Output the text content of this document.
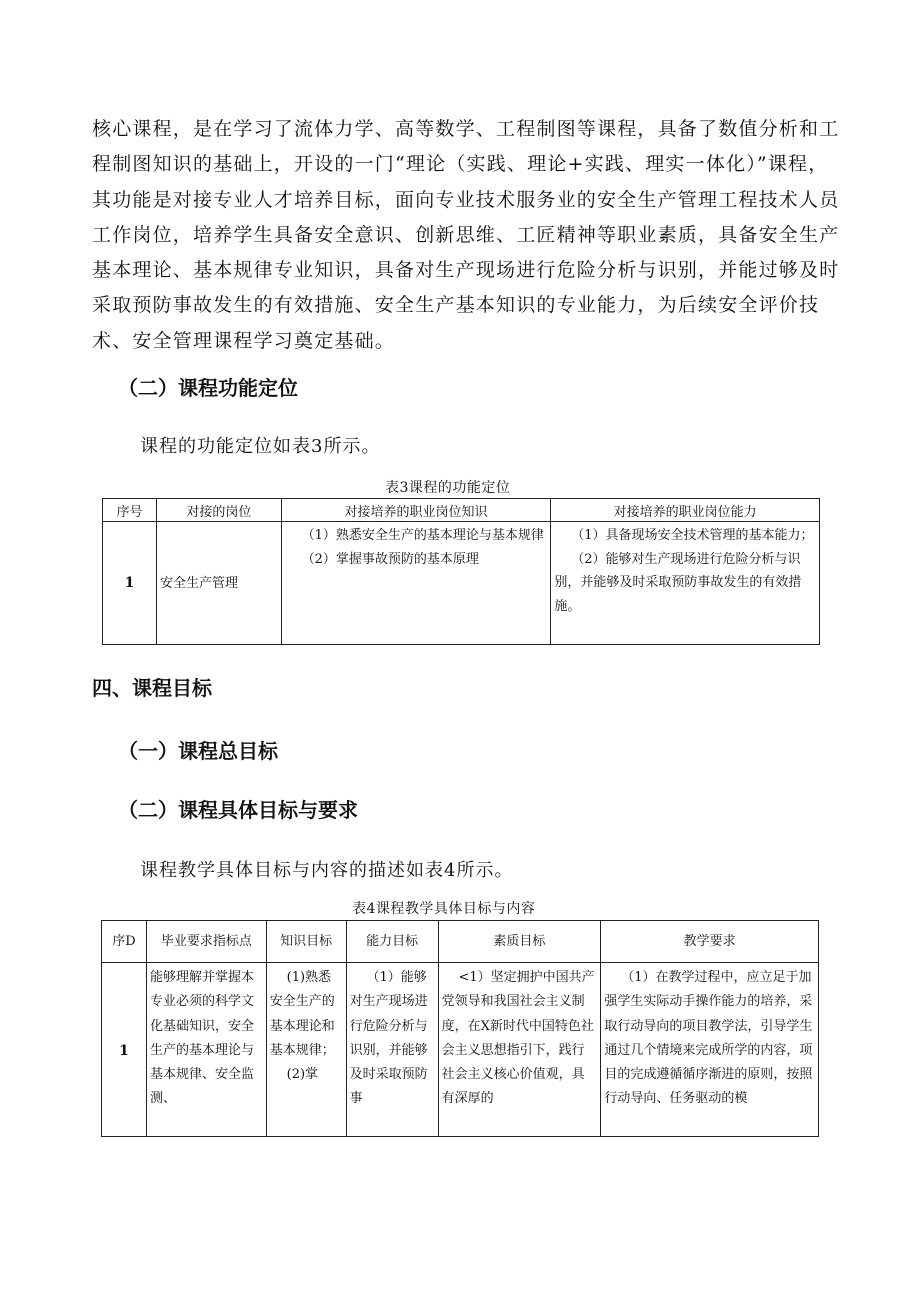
核心课程，是在学习了流体力学、高等数学、工程制图等课程，具备了数值分析和工程制图知识的基础上，开设的一门“理论（实践、理论+实践、理实一体化）”课程，其功能是对接专业人才培养目标，面向专业技术服务业的安全生产管理工程技术人员工作岗位，培养学生具备安全意识、创新思维、工匠精神等职业素质，具备安全生产基本理论、基本规律专业知识，具备对生产现场进行危险分析与识别，并能过够及时采取预防事故发生的有效措施、安全生产基本知识的专业能力，为后续安全评价技术、安全管理课程学习奠定基础。

（二）课程功能定位

课程的功能定位如表3所示。

表3课程的功能定位

序号	对接的岗位	对接培养的职业岗位知识	对接培养的职业岗位能力
1	安全生产管理	（1）熟悉安全生产的基本理论与基本规律
（2）掌握事故预防的基本原理	（1）具备现场安全技术管理的基本能力；
（2）能够对生产现场进行危险分析与识别，并能够及时采取预防事故发生的有效措施。
四、课程目标
（一）课程总目标
（二）课程具体目标与要求

课程教学具体目标与内容的描述如表4所示。

表4课程教学具体目标与内容

序D	毕业要求指标点	知识目标	能力目标	素质目标	教学要求
1	能够理解并掌握本专业必须的科学文化基础知识，安全生产的基本理论与基本规律、安全监测、	(1)熟悉安全生产的基本理论和基本规律；
(2)掌	（1）能够对生产现场进行危险分析与识别，并能够及时采取预防事	<1）坚定拥护中国共产党领导和我国社会主义制度，在X新时代中国特色社会主义思想指引下，践行社会主义核心价值观，具有深厚的	（1）在教学过程中，应立足于加强学生实际动手操作能力的培养，采取行动导向的项目教学法，引导学生通过几个情境来完成所学的内容，项目的完成遵循循序渐进的原则，按照行动导向、任务驱动的模
